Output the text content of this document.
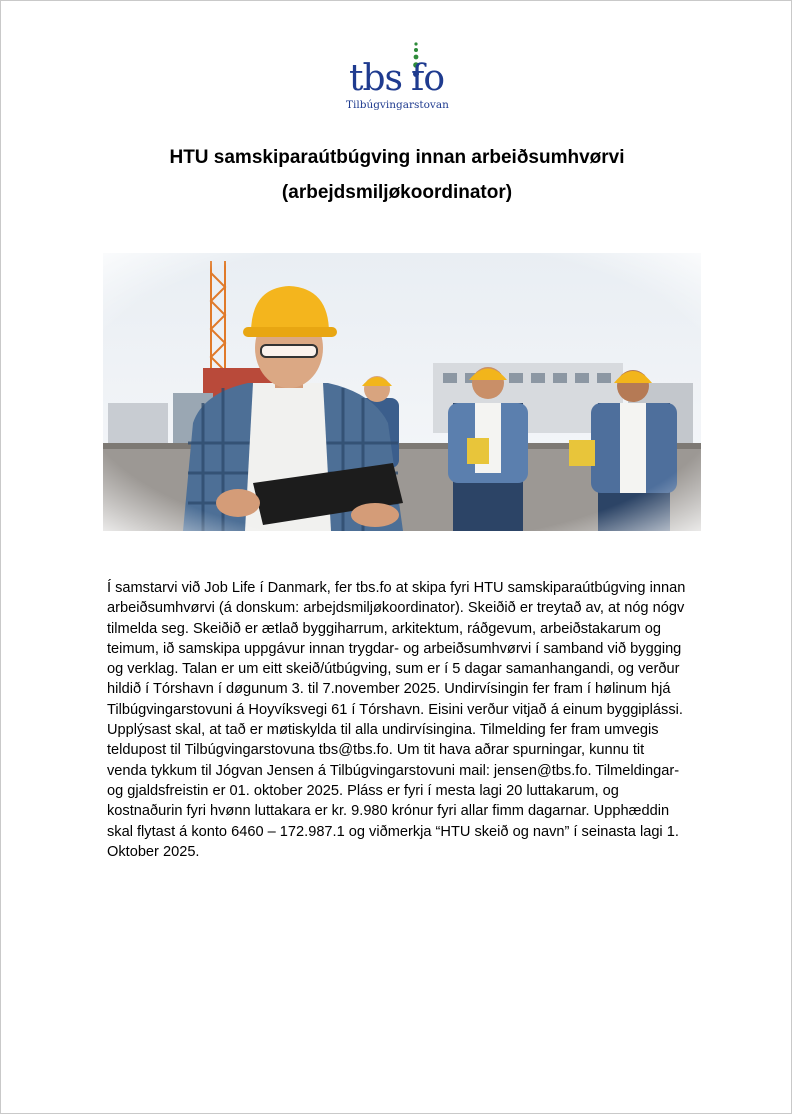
tbs fo
Tilbúgvingarstovan
HTU samskiparaútbúgving innan arbeiðsumhvørvi
(arbejdsmiljøkoordinator)

Í samstarvi við Job Life í Danmark, fer tbs.fo at skipa fyri HTU samskiparaútbúgving innan arbeiðsumhvørvi (á donskum: arbejdsmiljøkoordinator). Skeiðið er treytað av, at nóg nógv tilmelda seg. Skeiðið er ætlað byggiharrum, arkitektum, ráðgevum, arbeiðstakarum og teimum, ið samskipa uppgávur innan trygdar- og arbeiðsumhvørvi í samband við bygging og verklag. Talan er um eitt skeið/útbúgving, sum er í 5 dagar samanhangandi, og verður hildið í Tórshavn í døgunum 3. til 7.november 2025. Undirvísingin fer fram í hølinum hjá Tilbúgvingarstovuni á Hoyvíksvegi 61 í Tórshavn. Eisini verður vitjað á einum byggiplássi. Upplýsast skal, at tað er møtiskylda til alla undirvísingina. Tilmelding fer fram umvegis teldupost til Tilbúgvingarstovuna tbs@tbs.fo. Um tit hava aðrar spurningar, kunnu tit venda tykkum til Jógvan Jensen á Tilbúgvingarstovuni mail: jensen@tbs.fo. Tilmeldingar- og gjaldsfreistin er 01. oktober 2025. Pláss er fyri í mesta lagi 20 luttakarum, og kostnaðurin fyri hvønn luttakara er kr. 9.980 krónur fyri allar fimm dagarnar. Upphæddin skal flytast á konto 6460 – 172.987.1 og viðmerkja “HTU skeið og navn” í seinasta lagi 1. Oktober 2025.
